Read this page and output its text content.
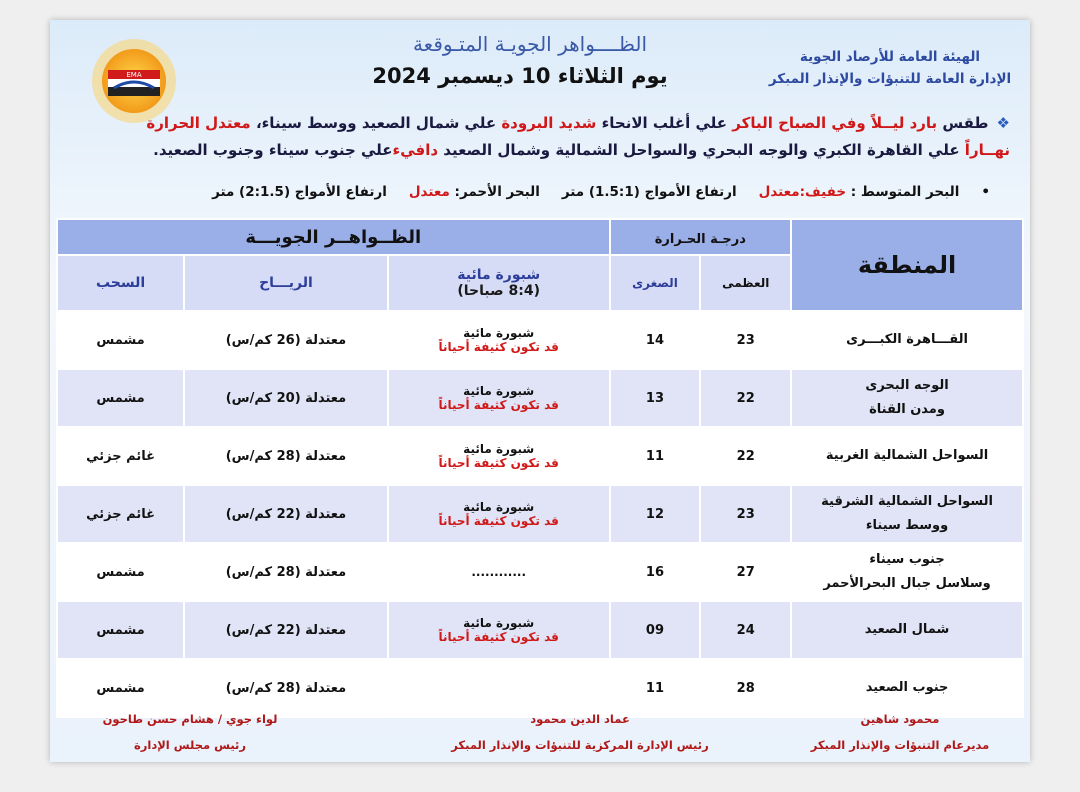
EMA
الظــــواهر الجويـة المتـوقعة
يوم الثلاثاء 10 ديسمبر 2024
الهيئة العامة للأرصاد الجوية
الإدارة العامة للتنبؤات والإنذار المبكر
❖طقس بارد ليــلاً وفي الصباح الباكر علي أغلب الانحاء شديد البرودة علي شمال الصعيد ووسط سيناء، معتدل الحرارة نهــاراً علي القاهرة الكبري والوجه البحري والسواحل الشمالية وشمال الصعيد دافيءعلي جنوب سيناء وجنوب الصعيد.
•البحر المتوسط : خفيف:معتدلارتفاع الأمواج (1.5:1) مترالبحر الأحمر: معتدلارتفاع الأمواج (2:1.5) متر
المنطقة	درجـة الحـرارة		الظــواهــر الجويـــة		
	العظمى	الصغرى	شبورة مائية
(8:4 صباحا)	الريـــاح	السحب
القـــاهرة الكبـــرى	23	14	شبورة مائية
قد تكون كثيفة أحياناً	معتدلة (26 كم/س)	مشمس
الوجه البحرى
ومدن القناة	22	13	شبورة مائية
قد تكون كثيفة أحياناً	معتدلة (20 كم/س)	مشمس
السواحل الشمالية الغربية	22	11	شبورة مائية
قد تكون كثيفة أحياناً	معتدلة (28 كم/س)	غائم جزئي
السواحل الشمالية الشرقية
ووسط سيناء	23	12	شبورة مائية
قد تكون كثيفة أحياناً	معتدلة (22 كم/س)	غائم جزئي
جنوب سيناء
وسلاسل جبال البحرالأحمر	27	16	............	معتدلة (28 كم/س)	مشمس
شمال الصعيد	24	09	شبورة مائية
قد تكون كثيفة أحياناً	معتدلة (22 كم/س)	مشمس
جنوب الصعيد	28	11		معتدلة (28 كم/س)	مشمس
محمود شاهين
مديرعام التنبؤات والإنذار المبكر
عماد الدين محمود
رئيس الإدارة المركزية للتنبؤات والإنذار المبكر
لواء جوي / هشام حسن طاحون
رئيس مجلس الإدارة
